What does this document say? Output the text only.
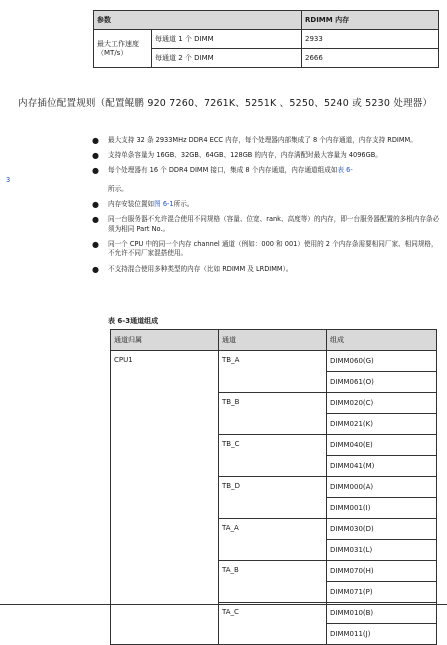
参数		RDIMM 内存
最大工作速度（MT/s）	每通道 1 个 DIMM	2933
	每通道 2 个 DIMM	2666
内存插位配置规则（配置鲲鹏 920 7260、7261K、5251K 、5250、5240 或 5230 处理器）
● 最大支持 32 条 2933MHz DDR4 ECC 内存，每个处理器内部集成了 8 个内存通道，内存支持 RDIMM。
● 支持单条容量为 16GB、32GB、64GB、128GB 的内存，内存满配时最大容量为 4096GB。
● 每个处理器有 16 个 DDR4 DIMM 接口，集成 8 个内存通道，内存通道组成如表 6-

3

所示。
● 内存安装位置如图 6-1所示。
● 同一台服务器不允许混合使用不同规格（容量、位宽、rank、高度等）的内存，即一台服务器配置的多根内存条必须为相同 Part No.。
● 同一个 CPU 中的同一个内存 channel 通道（例如：000 和 001）使用的 2 个内存条需要相同厂家、相同规格，不允许不同厂家混搭使用。
● 不支持混合使用多种类型的内存（比如 RDIMM 及 LRDIMM）。
表 6-3通道组成
通道归属	通道	组成
CPU1	TB_A	DIMM060(G)
		DIMM061(O)
	TB_B	DIMM020(C)
		DIMM021(K)
	TB_C	DIMM040(E)
		DIMM041(M)
	TB_D	DIMM000(A)
		DIMM001(I)
	TA_A	DIMM030(D)
		DIMM031(L)
	TA_B	DIMM070(H)
		DIMM071(P)
	TA_C	DIMM010(B)
		DIMM011(J)
